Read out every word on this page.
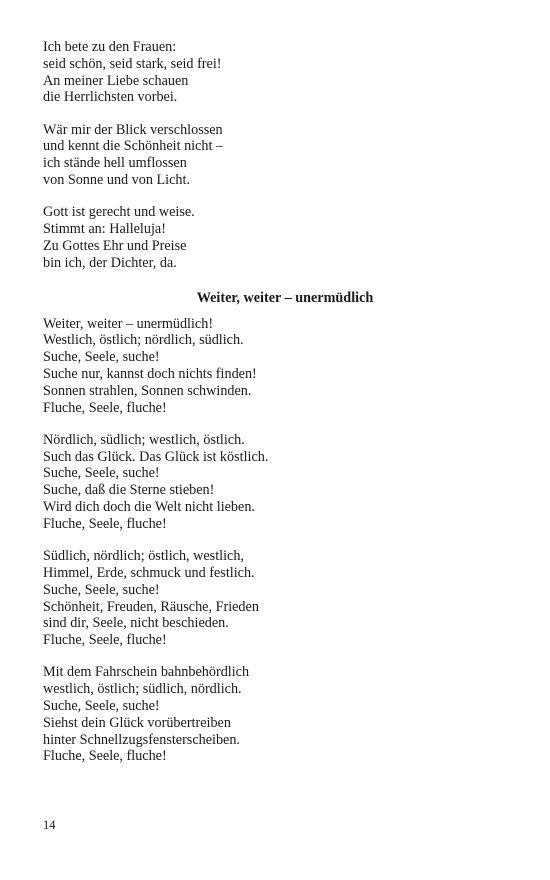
Ich bete zu den Frauen:
seid schön, seid stark, seid frei!
An meiner Liebe schauen
die Herrlichsten vorbei.
Wär mir der Blick verschlossen
und kennt die Schönheit nicht –
ich stände hell umflossen
von Sonne und von Licht.
Gott ist gerecht und weise.
Stimmt an: Halleluja!
Zu Gottes Ehr und Preise
bin ich, der Dichter, da.
Weiter, weiter – unermüdlich
Weiter, weiter – unermüdlich!
Westlich, östlich; nördlich, südlich.
Suche, Seele, suche!
Suche nur, kannst doch nichts finden!
Sonnen strahlen, Sonnen schwinden.
Fluche, Seele, fluche!
Nördlich, südlich; westlich, östlich.
Such das Glück. Das Glück ist köstlich.
Suche, Seele, suche!
Suche, daß die Sterne stieben!
Wird dich doch die Welt nicht lieben.
Fluche, Seele, fluche!
Südlich, nördlich; östlich, westlich,
Himmel, Erde, schmuck und festlich.
Suche, Seele, suche!
Schönheit, Freuden, Räusche, Frieden
sind dir, Seele, nicht beschieden.
Fluche, Seele, fluche!
Mit dem Fahrschein bahnbehördlich
westlich, östlich; südlich, nördlich.
Suche, Seele, suche!
Siehst dein Glück vorübertreiben
hinter Schnellzugsfensterscheiben.
Fluche, Seele, fluche!
14
